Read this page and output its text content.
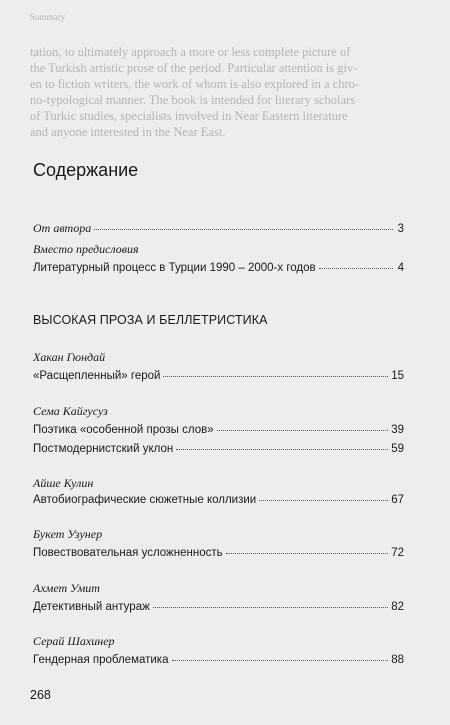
Summary
tation, to ultimately approach a more or less complete picture of
the Turkish artistic prose of the period. Particular attention is giv-
en to fiction writers, the work of whom is also explored in a chro-
no-typological manner. The book is intended for literary scholars
of Turkic studies, specialists involved in Near Eastern literature
and anyone interested in the Near East.
Содержание
От автора	3
Вместо предисловия
Литературный процесс в Турции 1990 – 2000-х годов	4
ВЫСОКАЯ ПРОЗА И БЕЛЛЕТРИСТИКА
Хакан Гюндай
«Расщепленный» герой	15
Сема Кайгусуз
Поэтика «особенной прозы слов»	39
Постмодернистский уклон	59
Айше Кулин
Автобиографические сюжетные коллизии	67
Букет Узунер
Повествовательная усложненность	72
Ахмет Умит
Детективный антураж	82
Серай Шахинер
Гендерная проблематика	88
268
